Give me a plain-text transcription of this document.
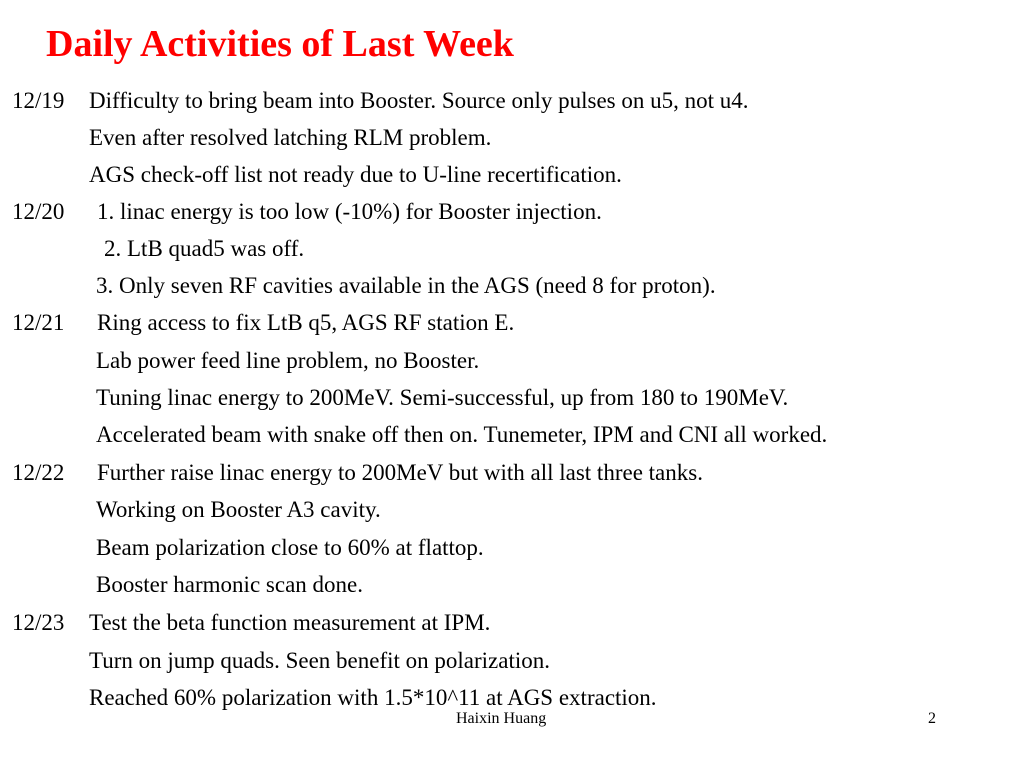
Daily Activities of Last Week
12/19 Difficulty to bring beam into Booster. Source only pulses on u5, not u4.
Even after resolved latching RLM problem.
AGS check-off list not ready due to U-line recertification.
12/20 1. linac energy is too low (-10%) for Booster injection.
2. LtB quad5 was off.
3. Only seven RF cavities available in the AGS (need 8 for proton).
12/21 Ring access to fix LtB q5, AGS RF station E.
Lab power feed line problem, no Booster.
Tuning linac energy to 200MeV. Semi-successful, up from 180 to 190MeV.
Accelerated beam with snake off then on. Tunemeter, IPM and CNI all worked.
12/22 Further raise linac energy to 200MeV but with all last three tanks.
Working on Booster A3 cavity.
Beam polarization close to 60% at flattop.
Booster harmonic scan done.
12/23 Test the beta function measurement at IPM.
Turn on jump quads. Seen benefit on polarization.
Reached 60% polarization with 1.5*10^11 at AGS extraction.
Haixin Huang	2
